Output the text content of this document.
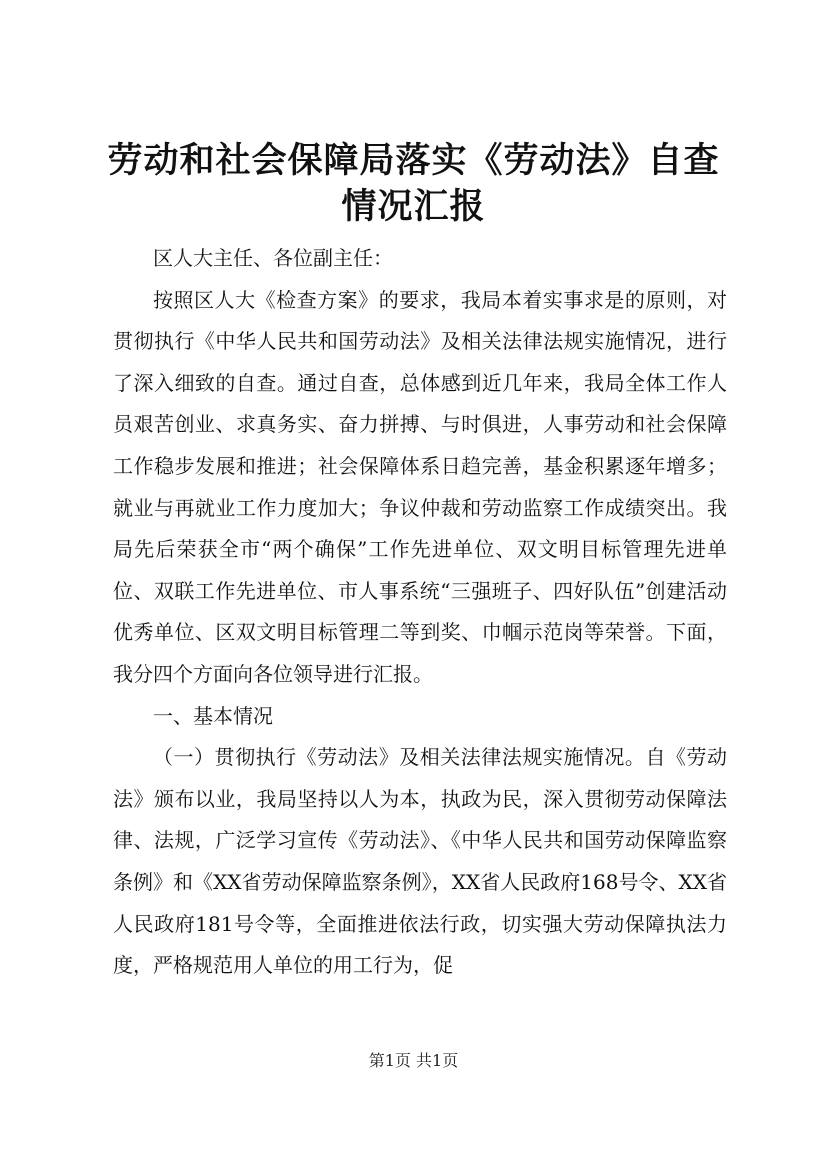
劳动和社会保障局落实《劳动法》自查情况汇报

区人大主任、各位副主任：

按照区人大《检查方案》的要求，我局本着实事求是的原则，对贯彻执行《中华人民共和国劳动法》及相关法律法规实施情况，进行了深入细致的自查。通过自查，总体感到近几年来，我局全体工作人员艰苦创业、求真务实、奋力拼搏、与时俱进，人事劳动和社会保障工作稳步发展和推进；社会保障体系日趋完善，基金积累逐年增多；就业与再就业工作力度加大；争议仲裁和劳动监察工作成绩突出。我局先后荣获全市“两个确保”工作先进单位、双文明目标管理先进单位、双联工作先进单位、市人事系统“三强班子、四好队伍”创建活动优秀单位、区双文明目标管理二等到奖、巾帼示范岗等荣誉。下面，我分四个方面向各位领导进行汇报。

一、基本情况

（一）贯彻执行《劳动法》及相关法律法规实施情况。自《劳动法》颁布以业，我局坚持以人为本，执政为民，深入贯彻劳动保障法律、法规，广泛学习宣传《劳动法》、《中华人民共和国劳动保障监察条例》和《XX省劳动保障监察条例》，XX省人民政府168号令、XX省人民政府181号令等，全面推进依法行政，切实强大劳动保障执法力度，严格规范用人单位的用工行为，促

第1页 共1页
